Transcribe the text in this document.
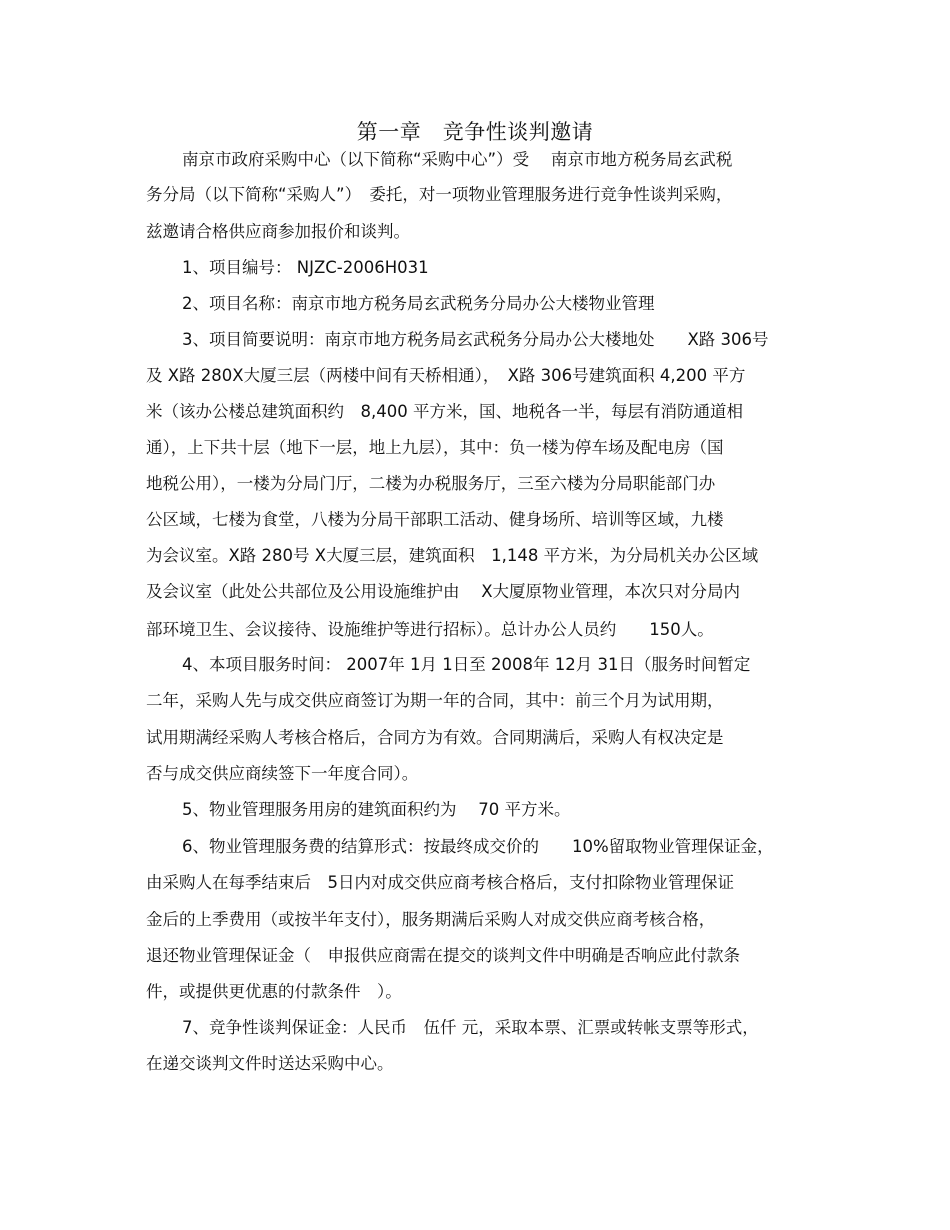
第一章　竞争性谈判邀请
南京市政府采购中心（以下简称“采购中心”）受　 南京市地方税务局玄武税
务分局（以下简称“采购人”）　委托，对一项物业管理服务进行竞争性谈判采购，
兹邀请合格供应商参加报价和谈判。
1、项目编号： NJZC-2006H031
2、项目名称：南京市地方税务局玄武税务分局办公大楼物业管理
3、项目简要说明：南京市地方税务局玄武税务分局办公大楼地处　　X路 306号
及 X路 280X大厦三层（两楼中间有天桥相通），　X路 306号建筑面积 4,200 平方
米（该办公楼总建筑面积约　8,400 平方米，国、地税各一半，每层有消防通道相
通），上下共十层（地下一层，地上九层），其中：负一楼为停车场及配电房（国
地税公用），一楼为分局门厅，二楼为办税服务厅，三至六楼为分局职能部门办
公区域，七楼为食堂，八楼为分局干部职工活动、健身场所、培训等区域，九楼
为会议室。X路 280号 X大厦三层，建筑面积　1,148 平方米，为分局机关办公区域
及会议室（此处公共部位及公用设施维护由　 X大厦原物业管理，本次只对分局内
部环境卫生、会议接待、设施维护等进行招标）。总计办公人员约　　150人。
4、本项目服务时间： 2007年 1月 1日至 2008年 12月 31日（服务时间暂定
二年，采购人先与成交供应商签订为期一年的合同，其中：前三个月为试用期，
试用期满经采购人考核合格后，合同方为有效。合同期满后，采购人有权决定是
否与成交供应商续签下一年度合同）。
5、物业管理服务用房的建筑面积约为　 70 平方米。
6、物业管理服务费的结算形式：按最终成交价的　　10%留取物业管理保证金，
由采购人在每季结束后　5日内对成交供应商考核合格后，支付扣除物业管理保证
金后的上季费用（或按半年支付），服务期满后采购人对成交供应商考核合格，
退还物业管理保证金（　申报供应商需在提交的谈判文件中明确是否响应此付款条
件，或提供更优惠的付款条件　）。
7、竞争性谈判保证金：人民币　伍仟 元，采取本票、汇票或转帐支票等形式，
在递交谈判文件时送达采购中心。
